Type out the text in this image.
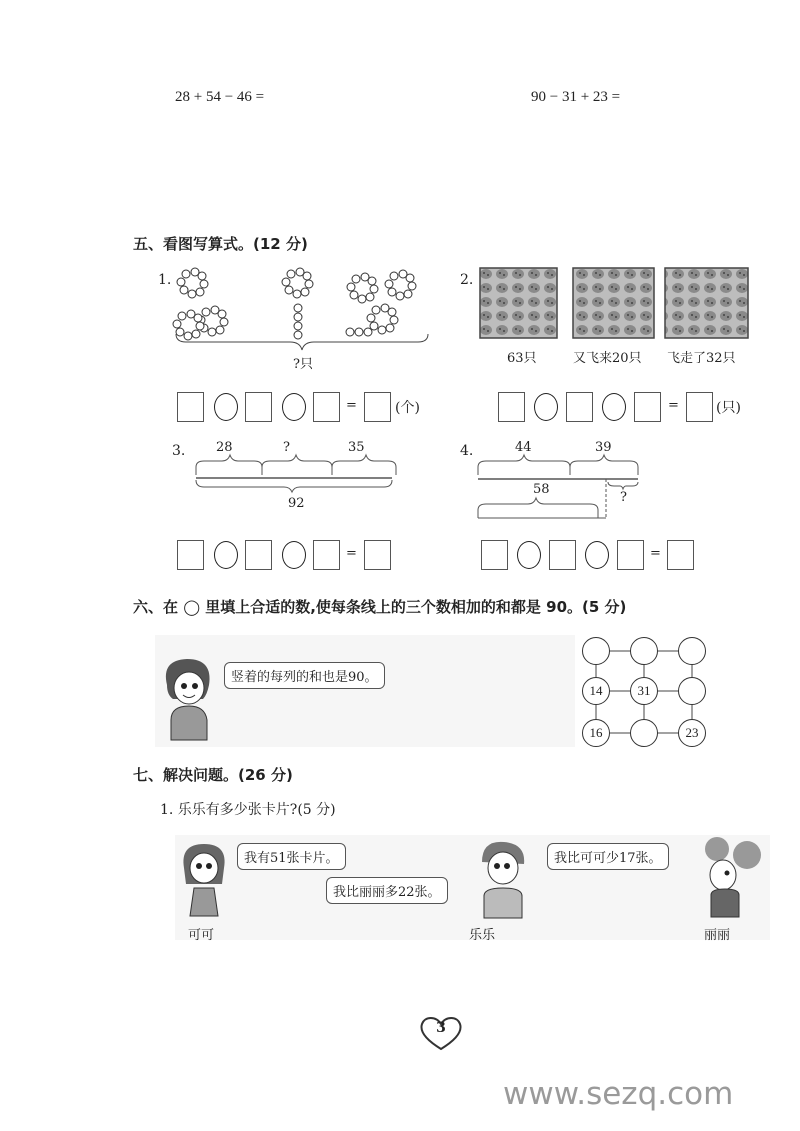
28 + 54 − 46 =	90 − 31 + 23 =
五、看图写算式。(12 分)
1.
?只
2.
63只	又飞来20只 飞走了32只
=	(个)	=	(只)
3. 28	?	35
92
4.	44	39
58
?
=	=
六、在 ◯ 里填上合适的数,使每条线上的三个数相加的和都是 90。(5 分)
竖着的每列的和也是90。
14	31
16	23
七、解决问题。(26 分)
1. 乐乐有多少张卡片?(5 分)
我有51张卡片。
我比丽丽多22张。
我比可可少17张。
可可	乐乐	丽丽
3
www.sezq.com
